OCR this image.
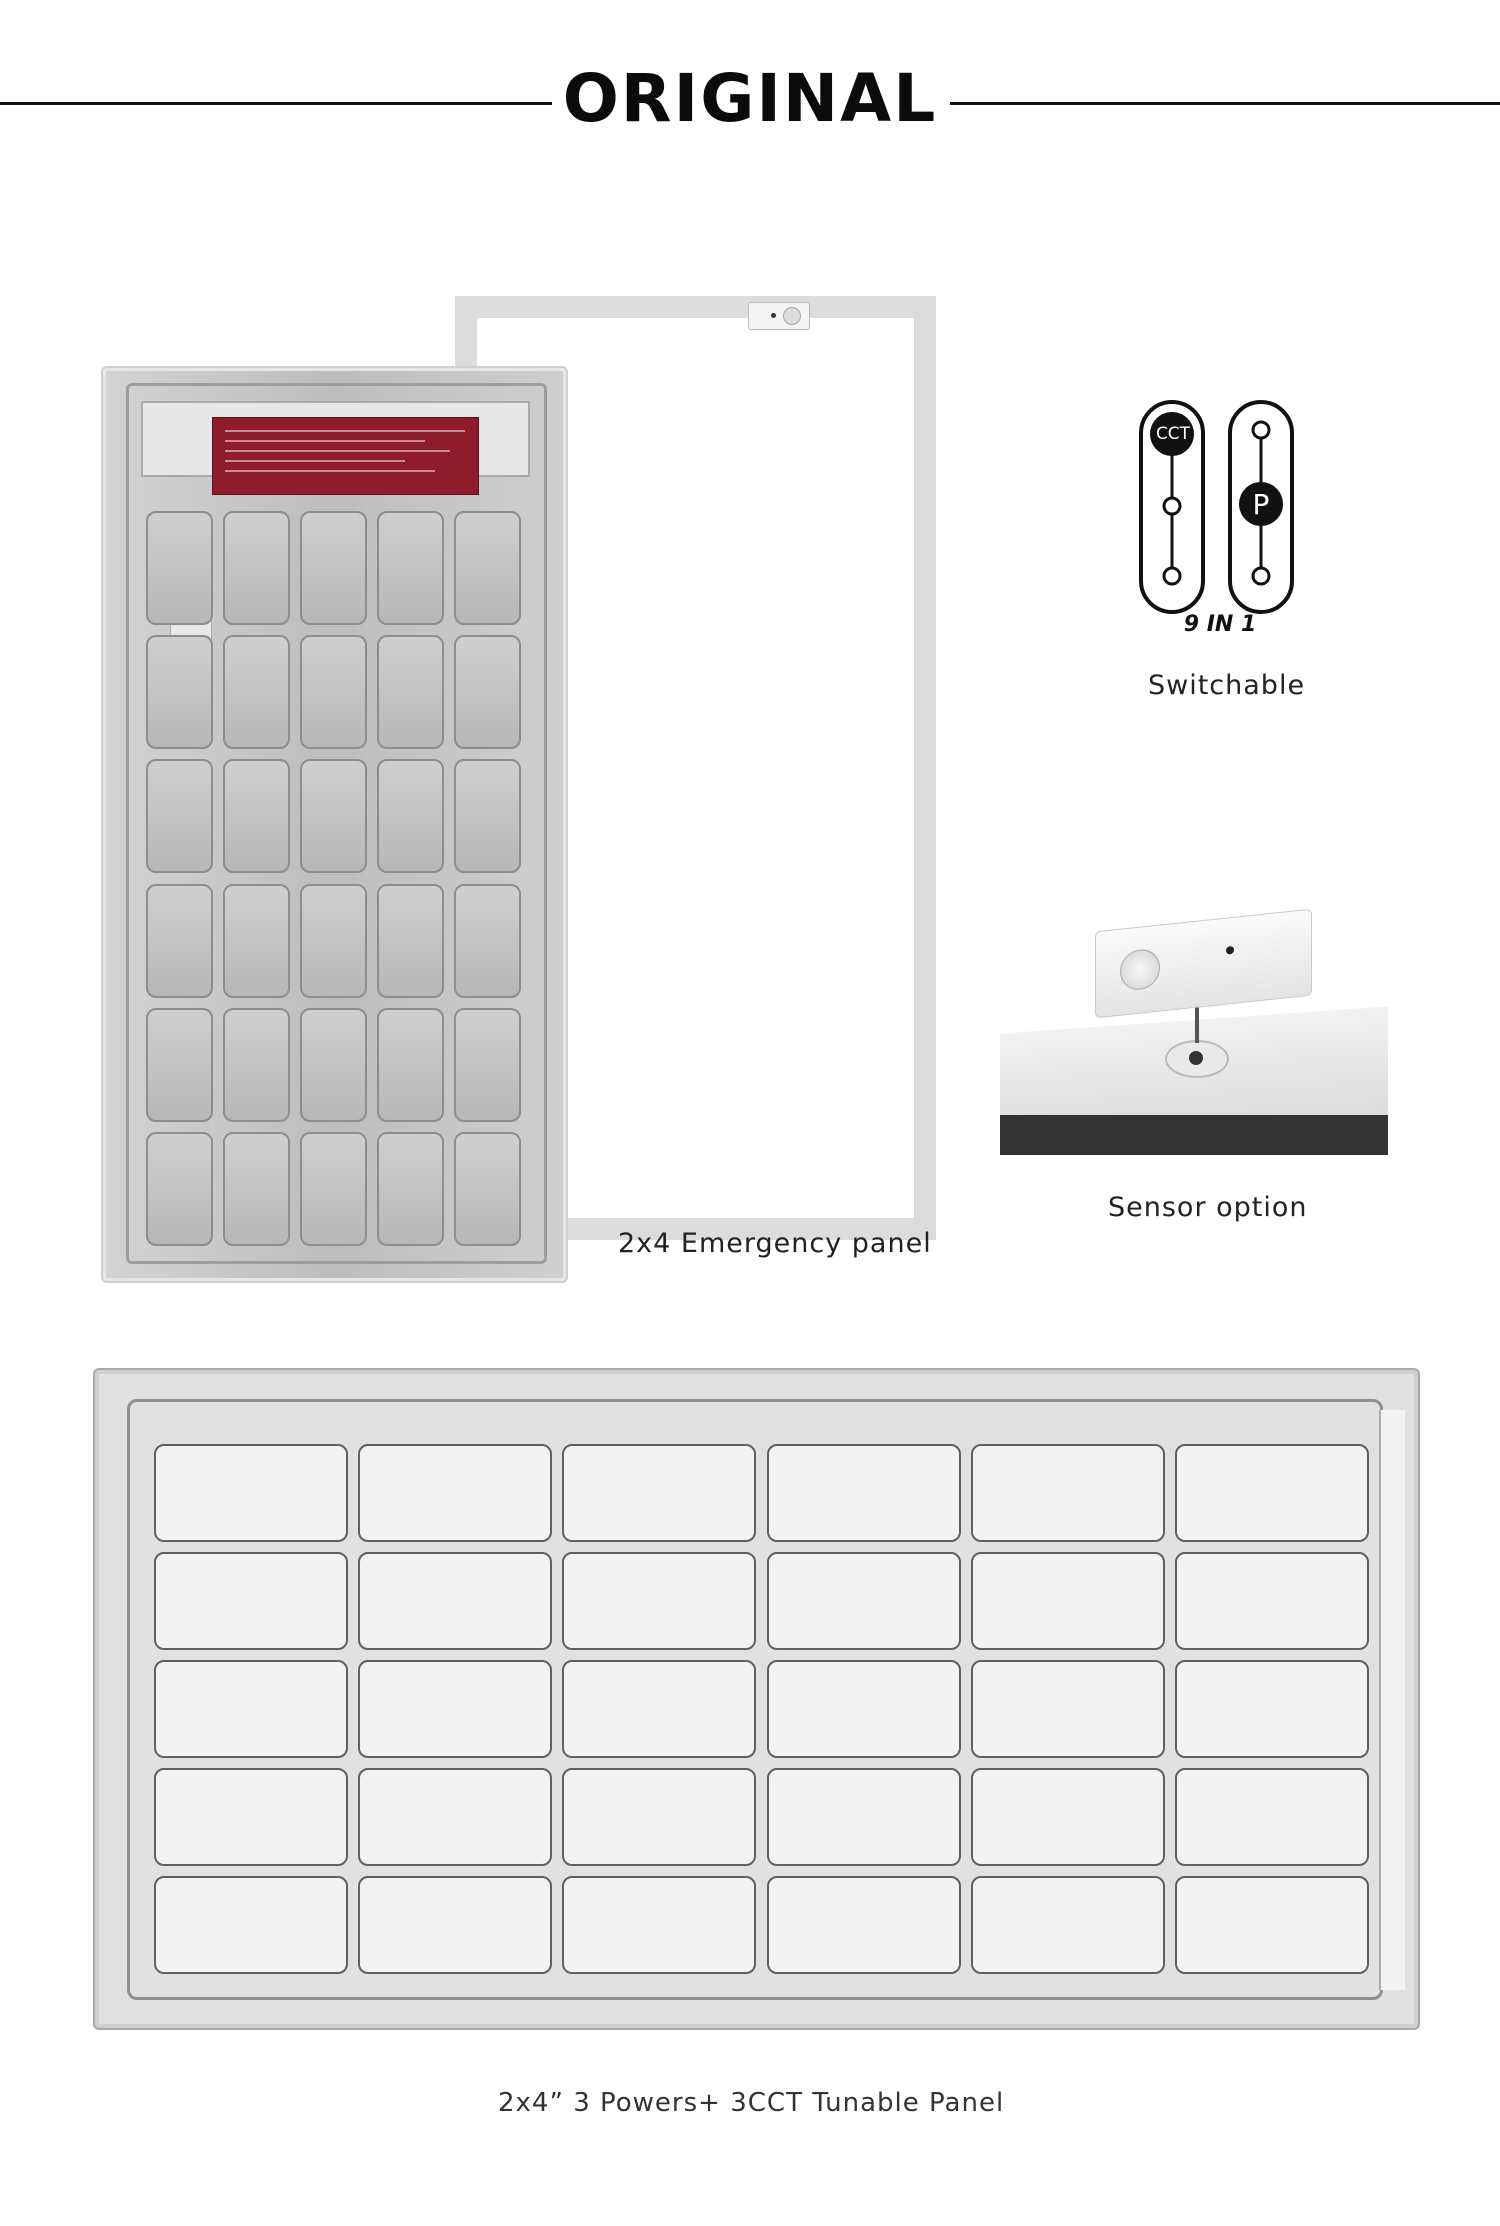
ORIGINAL
CCT
P
9 IN 1
Switchable
Sensor option
2x4 Emergency panel
2x4” 3 Powers+ 3CCT Tunable Panel
